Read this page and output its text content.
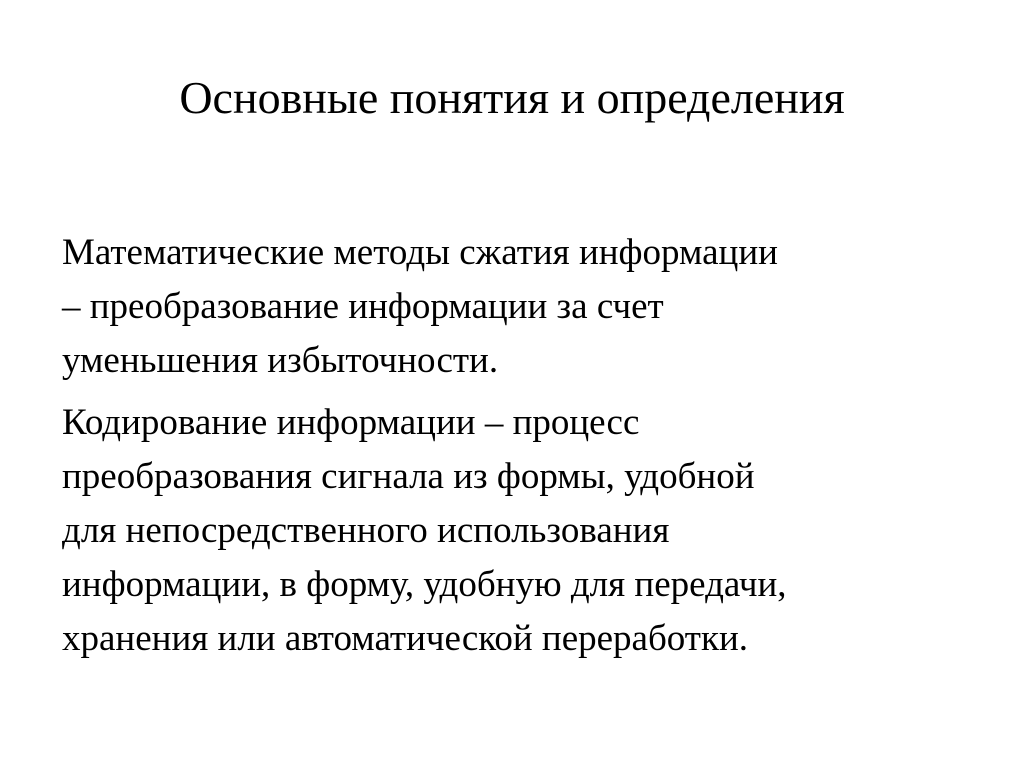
Основные понятия и определения

Математические методы сжатия информации
– преобразование информации за счет
уменьшения избыточности.

Кодирование информации – процесс
преобразования сигнала из формы, удобной
для непосредственного использования
информации, в форму, удобную для передачи,
хранения или автоматической переработки.
